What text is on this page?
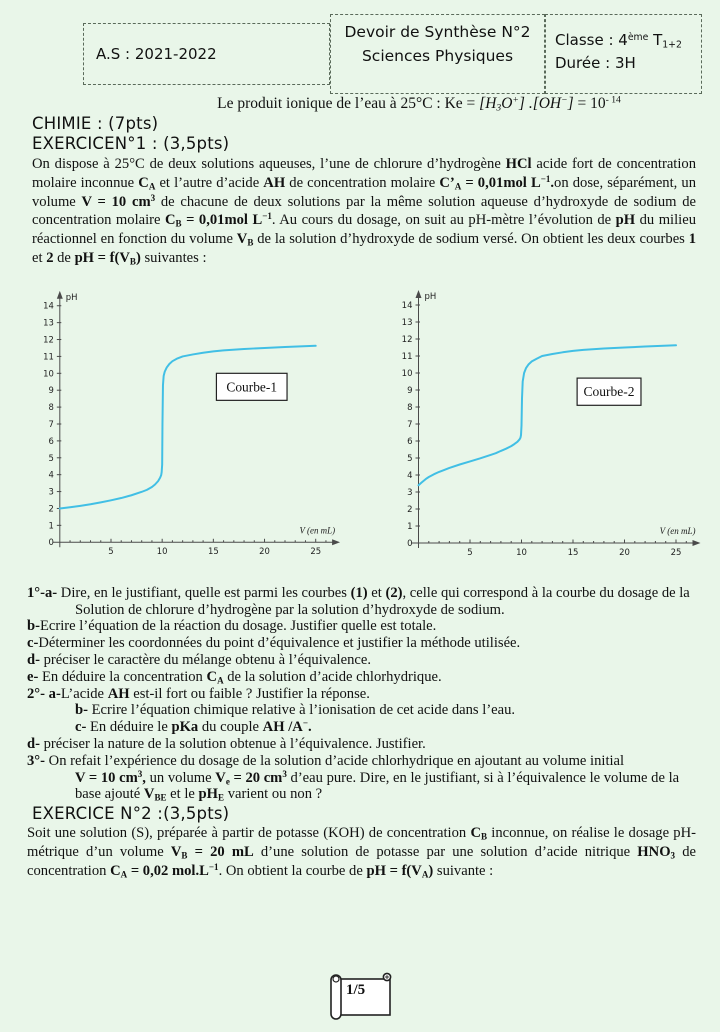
A.S : 2021-2022
Devoir de Synthèse N°2
Sciences Physiques
Classe : 4ème $T_{1+2}$
Durée : 3H
Le produit ionique de l’eau à 25°C : $Ke = [H_3O^+] .[OH^-] = 10^{- 14}$
CHIMIE : (7pts)
EXERCICEN°1 : (3,5pts)
On dispose à 25°C de deux solutions aqueuses, l’une de chlorure d’hydrogène HCl acide fort de concentration molaire inconnue $C_A$ et l’autre d’acide AH de concentration molaire $C’_A = 0,01mol$ $L^{-1}.on$ dose, séparément, un volume V = 10 $cm^3$ de chacune de deux solutions par la même solution aqueuse d’hydroxyde de sodium de concentration molaire $C_B = 0,01mol$ $L^{-1}$. Au cours du dosage, on suit au pH-mètre l’évolution de pH du milieu réactionnel en fonction du volume $V_B$ de la solution d’hydroxyde de sodium versé. On obtient les deux courbes 1 et 2 de pH = $f(V_B)$ suivantes :
0
1
2
3
4
5
6
7
8
9
10
11
12
13
14
5	10	15	20	25
pH
V (en mL)
Courbe-1
0
1
2
3
4
5
6
7
8
9
10
11
12
13
14
5	10	15	20	25
pH
V (en mL)
Courbe-2
1°-a- Dire, en le justifiant, quelle est parmi les courbes (1) et (2), celle qui correspond à la courbe du dosage de la
Solution de chlorure d’hydrogène par la solution d’hydroxyde de sodium.
b-Ecrire l’équation de la réaction du dosage. Justifier quelle est totale.
c-Déterminer les coordonnées du point d’équivalence et justifier la méthode utilisée.
d- préciser le caractère du mélange obtenu à l’équivalence.
e- En déduire la concentration $C_A$ de la solution d’acide chlorhydrique.
2°- a-L’acide AH est-il fort ou faible ? Justifier la réponse.
b- Ecrire l’équation chimique relative à l’ionisation de cet acide dans l’eau.
c- En déduire le pKa du couple AH /A−.
d- préciser la nature de la solution obtenue à l’équivalence. Justifier.
3°- On refait l’expérience du dosage de la solution d’acide chlorhydrique en ajoutant au volume initial
V = 10 $cm^3$, un volume $V_e = 20$ $cm^3$ d’eau pure. Dire, en le justifiant, si à l’équivalence le volume de la
base ajouté $V_{BE}$ et le $pH_E$ varient ou non ?
EXERCICE N°2 :(3,5pts)
Soit une solution (S), préparée à partir de potasse (KOH) de concentration $C_B$ inconnue, on réalise le dosage pH-métrique d’un volume $V_B = 20$ mL d’une solution de potasse par une solution d’acide nitrique $HNO_3$ de concentration $C_A = 0,02$ $mol.L^{-1}$. On obtient la courbe de pH = $f(V_A)$ suivante :
1/5
